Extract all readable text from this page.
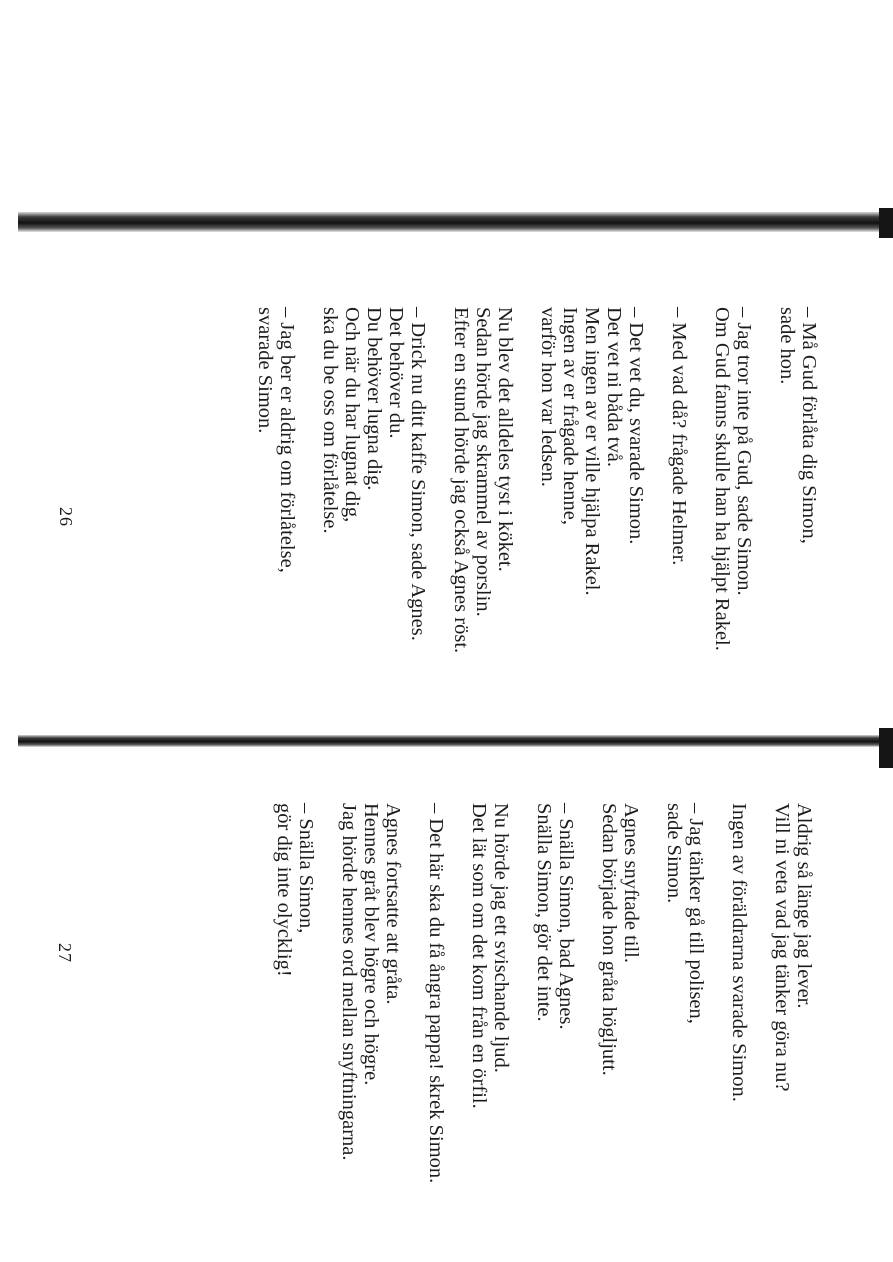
– Må Gud förlåta dig Simon,
sade hon.
– Jag tror inte på Gud, sade Simon.
Om Gud fanns skulle han ha hjälpt Rakel.
– Med vad då? frågade Helmer.
– Det vet du, svarade Simon.
Det vet ni båda två.
Men ingen av er ville hjälpa Rakel.
Ingen av er frågade henne,
varför hon var ledsen.
Nu blev det alldeles tyst i köket.
Sedan hörde jag skrammel av porslin.
Efter en stund hörde jag också Agnes röst.
– Drick nu ditt kaffe Simon, sade Agnes.
Det behöver du.
Du behöver lugna dig.
Och när du har lugnat dig,
ska du be oss om förlåtelse.
– Jag ber er aldrig om förlåtelse,
svarade Simon.
26
Aldrig så länge jag lever.
Vill ni veta vad jag tänker göra nu?
Ingen av föräldrarna svarade Simon.
– Jag tänker gå till polisen,
sade Simon.
Agnes snyftade till.
Sedan började hon gråta högljutt.
– Snälla Simon, bad Agnes.
Snälla Simon, gör det inte.
Nu hörde jag ett svischande ljud.
Det lät som om det kom från en örfil.
– Det här ska du få ångra pappa! skrek Simon.
Agnes fortsatte att gråta.
Hennes gråt blev högre och högre.
Jag hörde hennes ord mellan snyftningarna.
– Snälla Simon,
gör dig inte olycklig!
27
